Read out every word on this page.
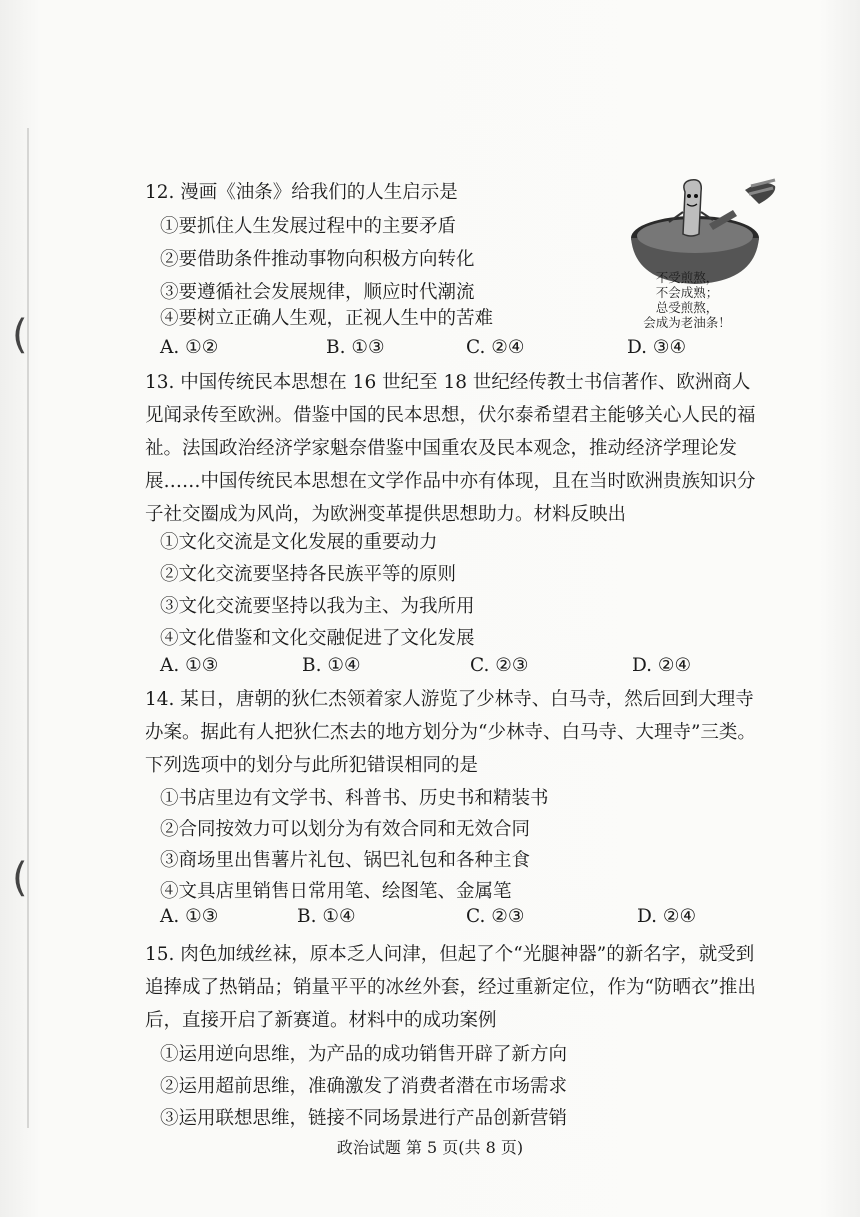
(
(
12. 漫画《油条》给我们的人生启示是
①要抓住人生发展过程中的主要矛盾
②要借助条件推动事物向积极方向转化
③要遵循社会发展规律，顺应时代潮流
④要树立正确人生观，正视人生中的苦难
A. ①②	B. ①③	C. ②④	D. ③④
不受煎熬，
不会成熟；
总受煎熬，
会成为老油条！
13. 中国传统民本思想在 16 世纪至 18 世纪经传教士书信著作、欧洲商人见闻录传至欧洲。借鉴中国的民本思想，伏尔泰希望君主能够关心人民的福祉。法国政治经济学家魁奈借鉴中国重农及民本观念，推动经济学理论发展……中国传统民本思想在文学作品中亦有体现，且在当时欧洲贵族知识分子社交圈成为风尚，为欧洲变革提供思想助力。材料反映出
①文化交流是文化发展的重要动力
②文化交流要坚持各民族平等的原则
③文化交流要坚持以我为主、为我所用
④文化借鉴和文化交融促进了文化发展
A. ①③	B. ①④	C. ②③	D. ②④
14. 某日，唐朝的狄仁杰领着家人游览了少林寺、白马寺，然后回到大理寺办案。据此有人把狄仁杰去的地方划分为“少林寺、白马寺、大理寺”三类。下列选项中的划分与此所犯错误相同的是
①书店里边有文学书、科普书、历史书和精装书
②合同按效力可以划分为有效合同和无效合同
③商场里出售薯片礼包、锅巴礼包和各种主食
④文具店里销售日常用笔、绘图笔、金属笔
A. ①③	B. ①④	C. ②③	D. ②④
15. 肉色加绒丝袜，原本乏人问津，但起了个“光腿神器”的新名字，就受到追捧成了热销品；销量平平的冰丝外套，经过重新定位，作为“防晒衣”推出后，直接开启了新赛道。材料中的成功案例
①运用逆向思维，为产品的成功销售开辟了新方向
②运用超前思维，准确激发了消费者潜在市场需求
③运用联想思维，链接不同场景进行产品创新营销
政治试题 第 5 页(共 8 页)
